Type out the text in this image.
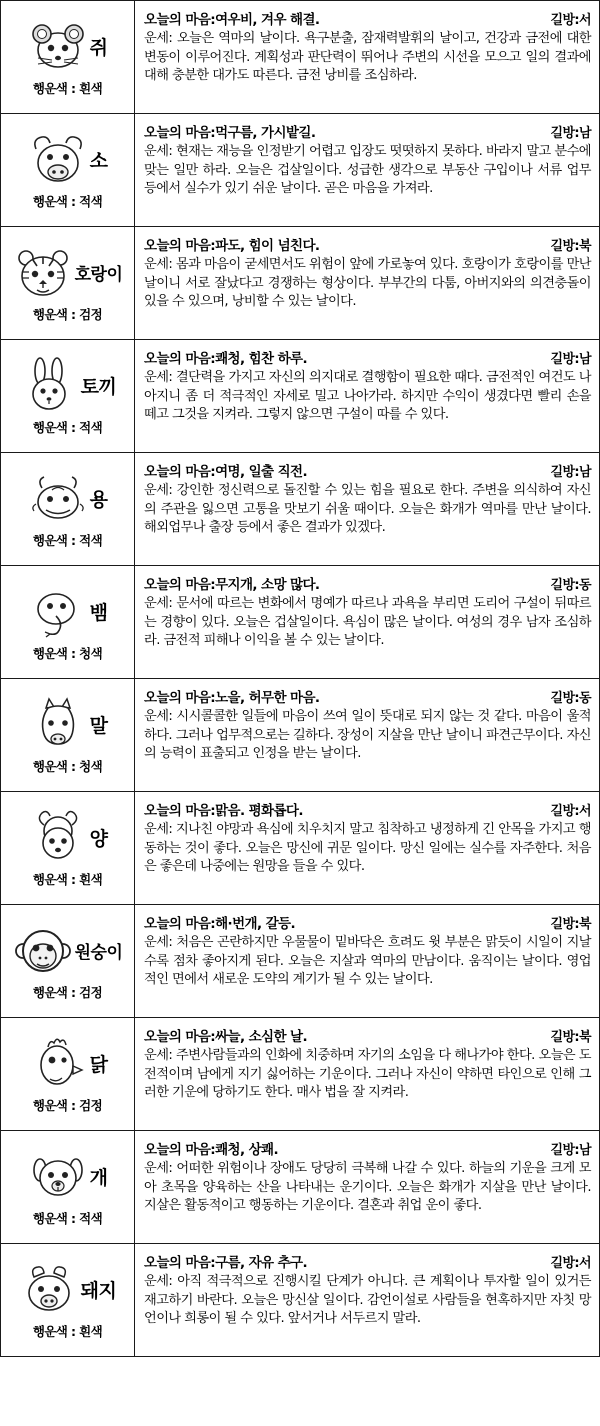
쥐
행운색 : 흰색
오늘의 마음:여우비, 겨우 해결.	길방:서
운세: 오늘은 역마의 날이다. 욕구분출, 잠재력발휘의 날이고, 건강과 금전에 대한 변동이 이루어진다. 계획성과 판단력이 뛰어나 주변의 시선을 모으고 일의 결과에 대해 충분한 대가도 따른다. 금전 낭비를 조심하라.
소
행운색 : 적색
오늘의 마음:먹구름, 가시밭길.	길방:남
운세: 현재는 재능을 인정받기 어렵고 입장도 떳떳하지 못하다. 바라지 말고 분수에 맞는 일만 하라. 오늘은 겁살일이다. 성급한 생각으로 부동산 구입이나 서류 업무 등에서 실수가 있기 쉬운 날이다. 곧은 마음을 가져라.
호랑이
행운색 : 검정
오늘의 마음:파도, 힘이 넘친다.	길방:북
운세: 몸과 마음이 굳세면서도 위험이 앞에 가로놓여 있다. 호랑이가 호랑이를 만난 날이니 서로 잘났다고 경쟁하는 형상이다. 부부간의 다툼, 아버지와의 의견충돌이 있을 수 있으며, 낭비할 수 있는 날이다.
토끼
행운색 : 적색
오늘의 마음:쾌청, 힘찬 하루.	길방:남
운세: 결단력을 가지고 자신의 의지대로 결행함이 필요한 때다. 금전적인 여건도 나아지니 좀 더 적극적인 자세로 밀고 나아가라. 하지만 수익이 생겼다면 빨리 손을 떼고 그것을 지켜라. 그렇지 않으면 구설이 따를 수 있다.
용
행운색 : 적색
오늘의 마음:여명, 일출 직전.	길방:남
운세: 강인한 정신력으로 돌진할 수 있는 힘을 필요로 한다. 주변을 의식하여 자신의 주관을 잃으면 고통을 맛보기 쉬울 때이다. 오늘은 화개가 역마를 만난 날이다. 해외업무나 출장 등에서 좋은 결과가 있겠다.
뱀
행운색 : 청색
오늘의 마음:무지개, 소망 많다.	길방:동
운세: 문서에 따르는 변화에서 명예가 따르나 과욕을 부리면 도리어 구설이 뒤따르는 경향이 있다. 오늘은 겁살일이다. 욕심이 많은 날이다. 여성의 경우 남자 조심하라. 금전적 피해나 이익을 볼 수 있는 날이다.
말
행운색 : 청색
오늘의 마음:노을, 허무한 마음.	길방:동
운세: 시시콜콜한 일들에 마음이 쓰여 일이 뜻대로 되지 않는 것 같다. 마음이 울적하다. 그러나 업무적으로는 길하다. 장성이 지살을 만난 날이니 파견근무이다. 자신의 능력이 표출되고 인정을 받는 날이다.
양
행운색 : 흰색
오늘의 마음:맑음. 평화롭다.	길방:서
운세: 지나친 야망과 욕심에 치우치지 말고 침착하고 냉정하게 긴 안목을 가지고 행동하는 것이 좋다. 오늘은 망신에 귀문 일이다. 망신 일에는 실수를 자주한다. 처음은 좋은데 나중에는 원망을 들을 수 있다.
원숭이
행운색 : 검정
오늘의 마음:해·번개, 갈등.	길방:북
운세: 처음은 곤란하지만 우물물이 밑바닥은 흐려도 윗 부분은 맑듯이 시일이 지날수록 점차 좋아지게 된다. 오늘은 지살과 역마의 만남이다. 움직이는 날이다. 영업적인 면에서 새로운 도약의 계기가 될 수 있는 날이다.
닭
행운색 : 검정
오늘의 마음:싸늘, 소심한 날.	길방:북
운세: 주변사람들과의 인화에 치중하며 자기의 소임을 다 해나가야 한다. 오늘은 도전적이며 남에게 지기 싫어하는 기운이다. 그러나 자신이 약하면 타인으로 인해 그러한 기운에 당하기도 한다. 매사 법을 잘 지켜라.
개
행운색 : 적색
오늘의 마음:쾌청, 상쾌.	길방:남
운세: 어떠한 위험이나 장애도 당당히 극복해 나갈 수 있다. 하늘의 기운을 크게 모아 초목을 양육하는 산을 나타내는 운기이다. 오늘은 화개가 지살을 만난 날이다. 지살은 활동적이고 행동하는 기운이다. 결혼과 취업 운이 좋다.
돼지
행운색 : 흰색
오늘의 마음:구름, 자유 추구.	길방:서
운세: 아직 적극적으로 진행시킬 단계가 아니다. 큰 계획이나 투자할 일이 있거든 재고하기 바란다. 오늘은 망신살 일이다. 감언이설로 사람들을 현혹하지만 자칫 망언이나 희롱이 될 수 있다. 앞서거나 서두르지 말라.
